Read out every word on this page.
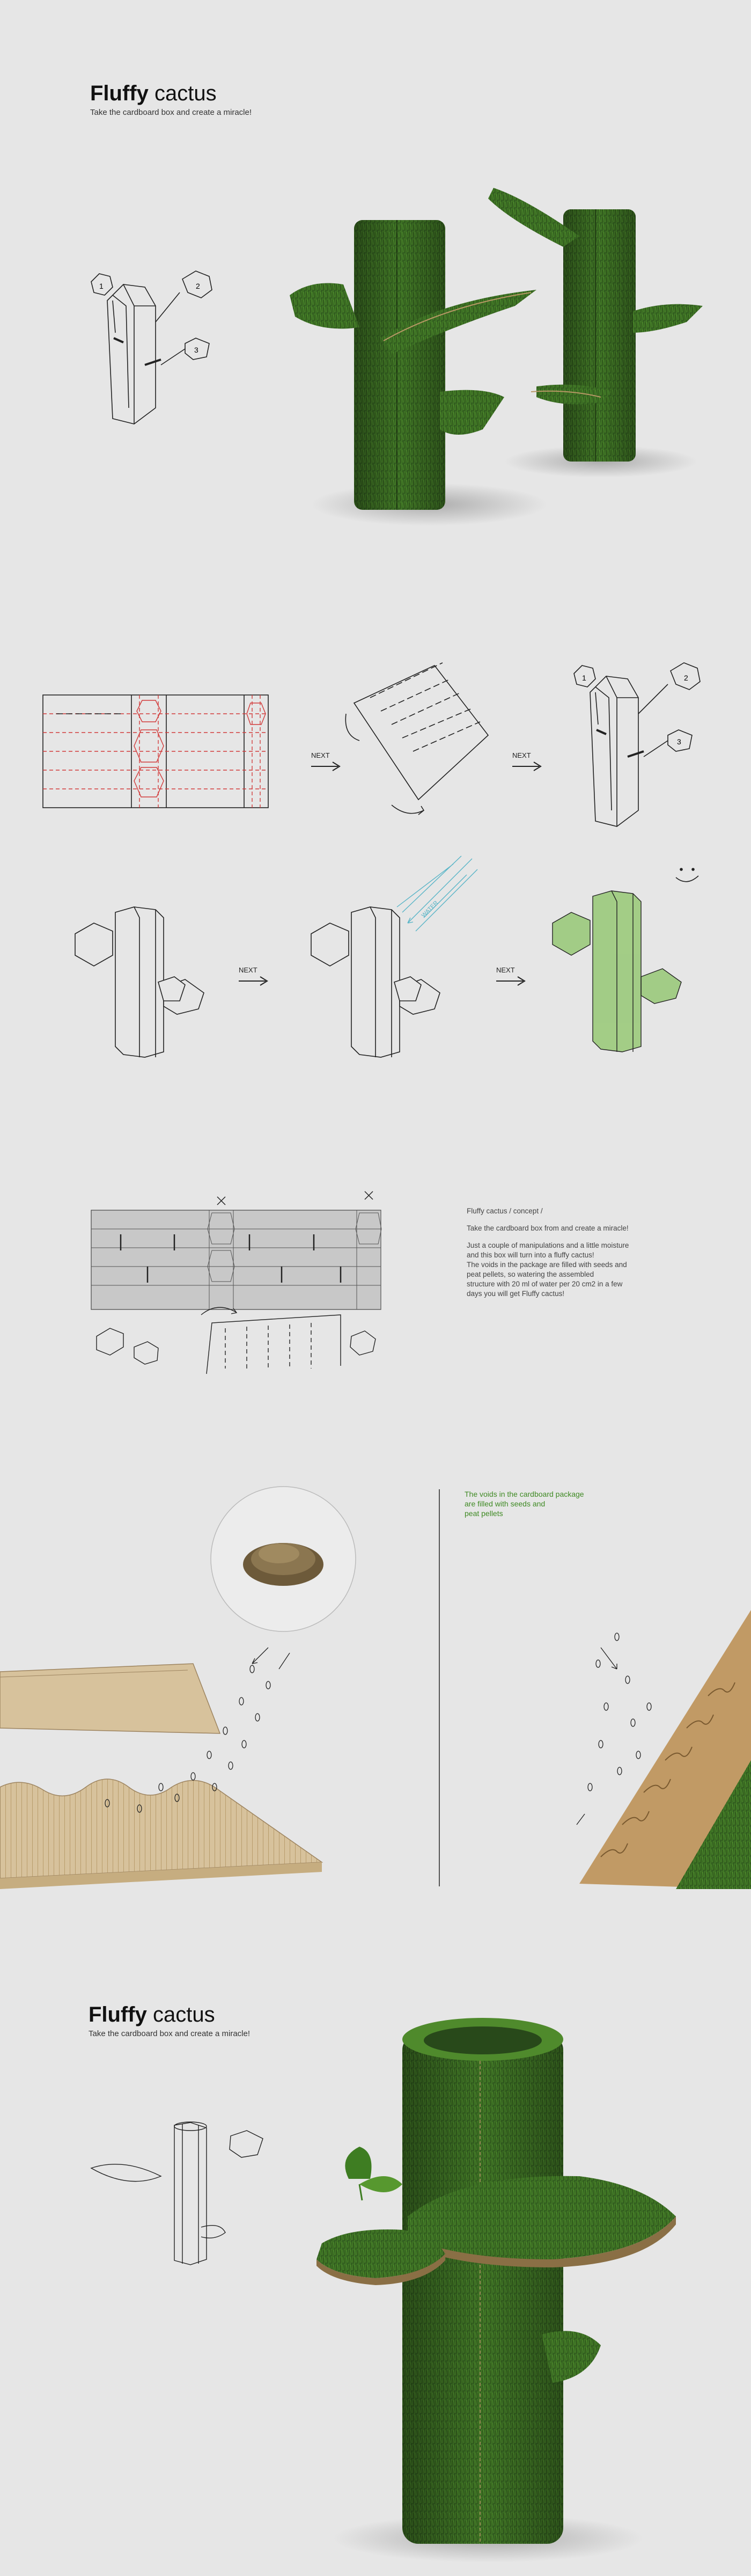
Fluffy cactus
Take the cardboard box and create a miracle!
1	2
3
NEXT	NEXT
1	2
3
NEXT
WATER
NEXT
Fluffy cactus / concept /
Take the cardboard box from and create a miracle!
Just a couple of manipulations and a little moisture
and this box will turn into a fluffy cactus!
The voids in the package are filled with seeds and
peat pellets, so watering the assembled
structure with 20 ml of water per 20 cm2 in a few
days you will get Fluffy cactus!
The voids in the cardboard package
are filled with seeds and
peat pellets
Fluffy cactus
Take the cardboard box and create a miracle!
